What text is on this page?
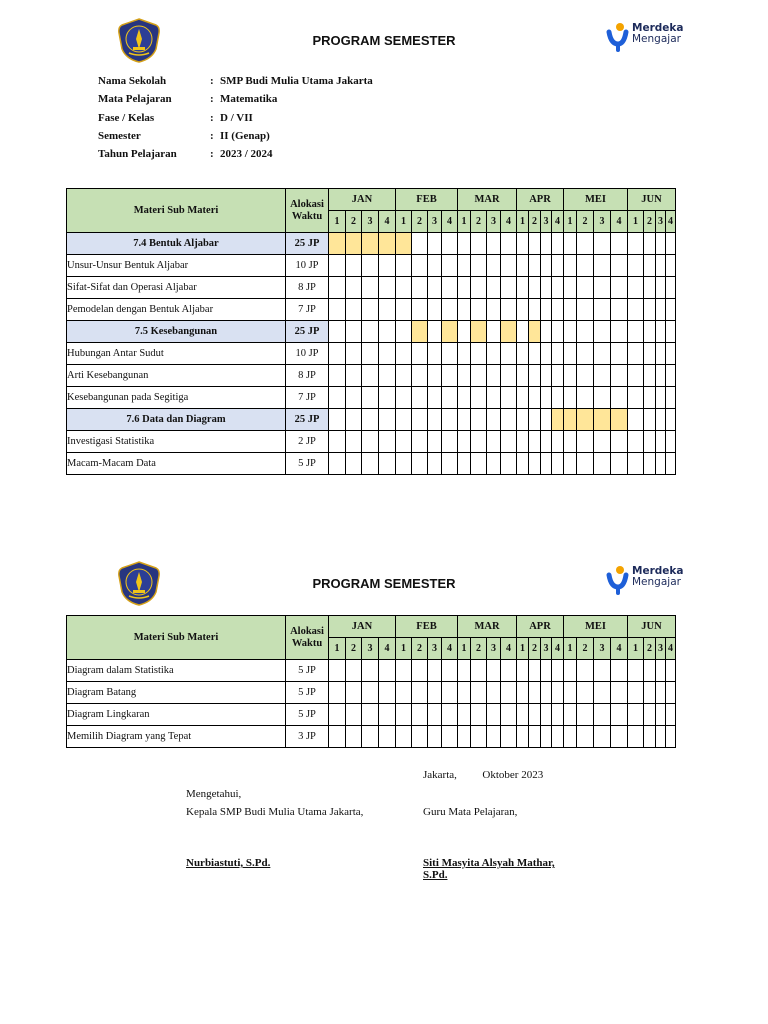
PROGRAM SEMESTER
Merdeka
Mengajar
Nama Sekolah	: SMP Budi Mulia Utama Jakarta
Mata Pelajaran	: Matematika
Fase / Kelas	: D / VII
Semester	: II (Genap)
Tahun Pelajaran	: 2023 / 2024
Materi Sub Materi	Alokasi
Waktu	JAN				FEB				MAR				APR				MEI				JUN			
		1	2	3	4	1	2	3	4	1	2	3	4	1	2	3	4	1	2	3	4	1	2	3	4
7.4 Bentuk Aljabar	25 JP																								
Unsur-Unsur Bentuk Aljabar	10 JP																								
Sifat-Sifat dan Operasi Aljabar	8 JP																								
Pemodelan dengan Bentuk Aljabar	7 JP																								
7.5 Kesebangunan	25 JP																								
Hubungan Antar Sudut	10 JP																								
Arti Kesebangunan	8 JP																								
Kesebangunan pada Segitiga	7 JP																								
7.6 Data dan Diagram	25 JP																								
Investigasi Statistika	2 JP																								
Macam-Macam Data	5 JP																								
PROGRAM SEMESTER
Merdeka
Mengajar
Materi Sub Materi	Alokasi
Waktu	JAN				FEB				MAR				APR				MEI				JUN			
		1	2	3	4	1	2	3	4	1	2	3	4	1	2	3	4	1	2	3	4	1	2	3	4
Diagram dalam Statistika	5 JP																								
Diagram Batang	5 JP																								
Diagram Lingkaran	5 JP																								
Memilih Diagram yang Tepat	3 JP																								
Jakarta, Oktober 2023
Mengetahui,
Kepala SMP Budi Mulia Utama Jakarta,	Guru Mata Pelajaran,
Nurbiastuti, S.Pd.	Siti Masyita Alsyah Mathar,
S.Pd.
